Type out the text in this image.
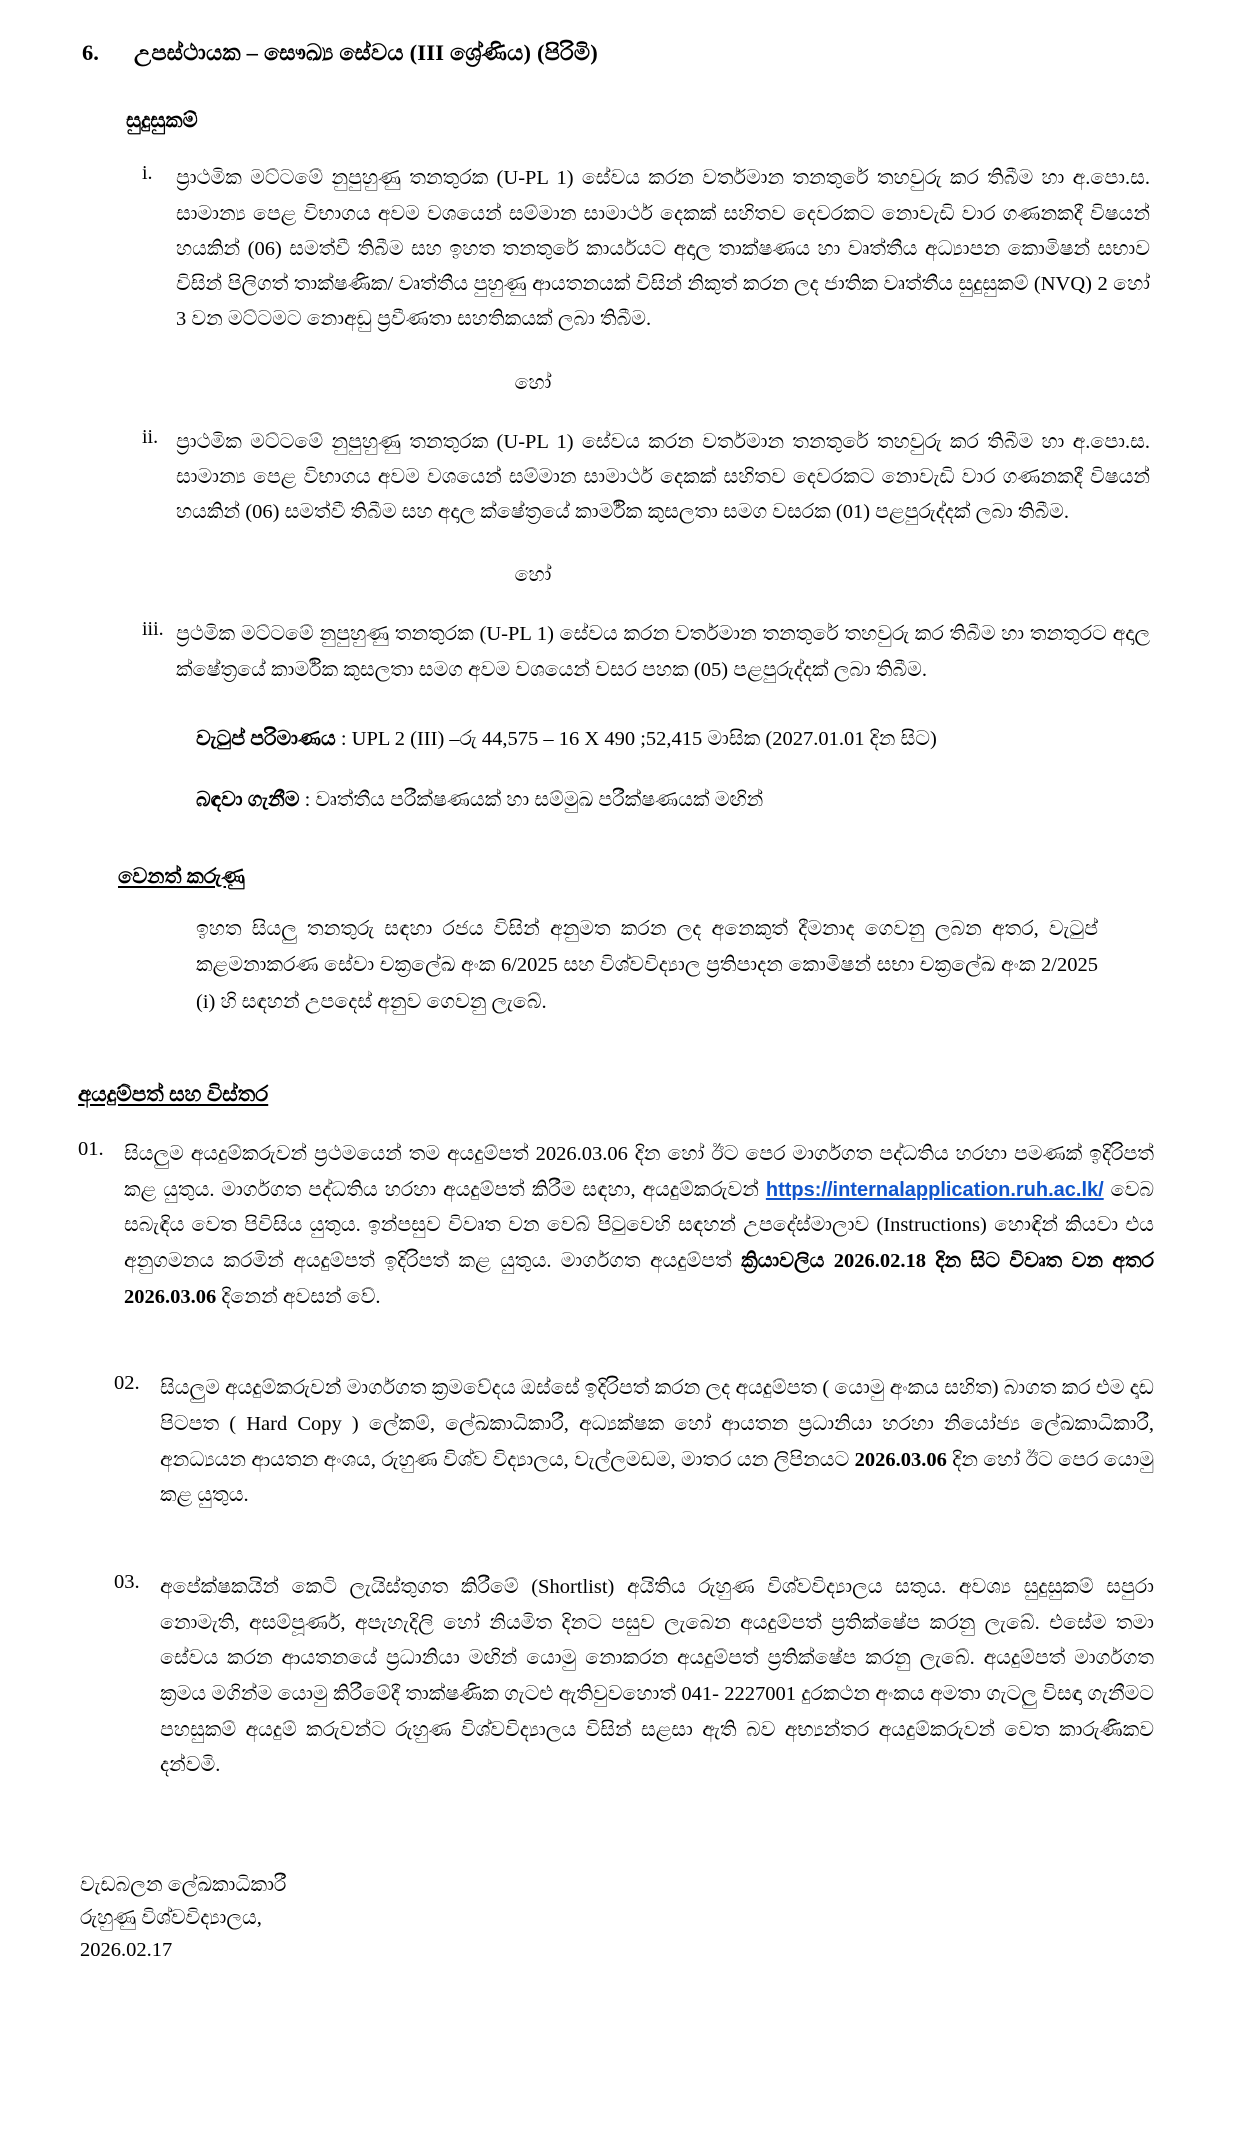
6.	උපස්ථායක – සෞඛ්‍ය සේවය (III ශ්‍රේණිය) (පිරිමි)
සුදුසුකම්
i.	ප්‍රාථමික මට්ටමේ නුපුහුණු තනතුරක (U-PL 1) සේවය කරන වර්තමාන තනතුරේ තහවුරු කර තිබීම හා අ.පො.ස. සාමාන්‍ය පෙළ විභාගය අවම වශයෙන් සම්මාන සාමාර්ථ දෙකක් සහිතව දෙවරකට නොවැඩි වාර ගණනකදී විෂයන් හයකින් (06) සමත්වී තිබීම සහ ඉහත තනතුරේ කාර්යයට අදාල තාක්ෂණය හා වෘත්තීය අධ්‍යාපන කොමිෂන් සභාව විසින් පිලිගත් තාක්ෂණික/ වෘත්තීය පුහුණු ආයතනයක් විසින් නිකුත් කරන ලද ජාතික වෘත්තීය සුදුසුකම් (NVQ) 2 හෝ 3 වන මට්ටමට නොඅඩු ප්‍රවීණතා සහතිකයක් ලබා තිබීම.
හෝ
ii. ප්‍රාථමික මට්ටමේ නුපුහුණු තනතුරක (U-PL 1) සේවය කරන වර්තමාන තනතුරේ තහවුරු කර තිබීම හා අ.පො.ස. සාමාන්‍ය පෙළ විභාගය අවම වශයෙන් සම්මාන සාමාර්ථ දෙකක් සහිතව දෙවරකට නොවැඩි වාර ගණනකදී විෂයන් හයකින් (06) සමත්වී තිබීම සහ අදාල ක්ෂේත්‍රයේ කාර්මික කුසලතා සමග වසරක (01) පළපුරුද්දක් ලබා තිබීම.
හෝ
iii. ප්‍රථමික මට්ටමේ නුපුහුණු තනතුරක (U-PL 1) සේවය කරන වර්තමාන තනතුරේ තහවුරු කර තිබීම හා තනතුරට අදාල ක්ෂේත්‍රයේ කාර්මික කුසලතා සමග අවම වශයෙන් වසර පහක (05) පළපුරුද්දක් ලබා තිබීම.
වැටුප් පරිමාණය : UPL 2 (III) –රු 44,575 – 16 X 490 ;52,415 මාසික (2027.01.01 දින සිට)
බඳවා ගැනීම : වෘත්තීය පරීක්ෂණයක් හා සම්මුඛ පරීක්ෂණයක් මඟින්
වෙනත් කරුණු
ඉහත සියලු තනතුරු සඳහා රජය විසින් අනුමත කරන ලද අනෙකුත් දීමනාද ගෙවනු ලබන අතර, වැටුප් කළමනාකරණ සේවා චක්‍රලේඛ අංක 6/2025 සහ විශ්වවිද්‍යාල ප්‍රතිපාදන කොමිෂන් සභා චක්‍රලේඛ අංක 2/2025 (i) හි සඳහන් උපදෙස් අනුව ගෙවනු ලැබේ.
අයදුම්පත් සහ විස්තර
01. සියලුම අයදුම්කරුවන් ප්‍රථමයෙන් තම අයදුම්පත් 2026.03.06 දින හෝ ඊට පෙර මාර්ගගත පද්ධතිය හරහා පමණක් ඉදිරිපත් කළ යුතුය. මාර්ගගත පද්ධතිය හරහා අයදුම්පත් කිරීම සඳහා, අයදුම්කරුවන් https://internalapplication.ruh.ac.lk/ වෙබ සබැඳිය වෙත පිවිසිය යුතුය. ඉන්පසුව විවෘත වන වෙබ් පිටුවෙහි සඳහන් උපදේස්මාලාව (Instructions) හොඳින් කියවා එය අනුගමනය කරමින් අයදුම්පත් ඉදිරිපත් කළ යුතුය. මාර්ගගත අයදුම්පත් ක්‍රියාවලිය 2026.02.18 දින සිට විවෘත වන අතර 2026.03.06 දිනෙන් අවසන් වේ.
02. සියලුම අයදුම්කරුවන් මාර්ගගත ක්‍රමවේදය ඔස්සේ ඉදිරිපත් කරන ලද අයදුම්පත ( යොමු අංකය සහිත) බාගත කර එම දෘඩ පිටපත ( Hard Copy ) ලේකම්, ලේඛකාධිකාරී, අධ්‍යක්ෂක හෝ ආයතන ප්‍රධානියා හරහා නියෝජ්‍ය ලේඛකාධිකාරී, අනධ්‍යයන ආයතන අංශය, රුහුණ විශ්ව විද්‍යාලය, වැල්ලමඩම, මාතර යන ලිපිනයට 2026.03.06 දින හෝ ඊට පෙර යොමු කළ යුතුය.
03. අපේක්ෂකයින් කෙටි ලැයිස්තුගත කිරීමේ (Shortlist) අයිතිය රුහුණ විශ්වවිද්‍යාලය සතුය. අවශ්‍ය සුදුසුකම් සපුරා නොමැති, අසම්පූර්ණ, අපැහැදිලි හෝ නියමිත දිනට පසුව ලැබෙන අයදුම්පත් ප්‍රතික්ෂේප කරනු ලැබේ. එසේම තමා සේවය කරන ආයතනයේ ප්‍රධානියා මඟින් යොමු නොකරන අයදුම්පත් ප්‍රතික්ෂේප කරනු ලැබේ. අයදුම්පත් මාර්ගගත ක්‍රමය මගින්ම යොමු කිරීමේදී තාක්ෂණික ගැටළු ඇතිවුවහොත් 041- 2227001 දුරකථන අංකය අමතා ගැටලු විසඳා ගැනීමට පහසුකම් අයදුම් කරුවන්ට රුහුණ විශ්වවිද්‍යාලය විසින් සළසා ඇති බව අභ්‍යන්තර අයදුම්කරුවන් වෙත කාරුණිකව දන්වමි.
වැඩබලන ලේඛකාධිකාරී
රුහුණු විශ්වවිද්‍යාලය,
2026.02.17
